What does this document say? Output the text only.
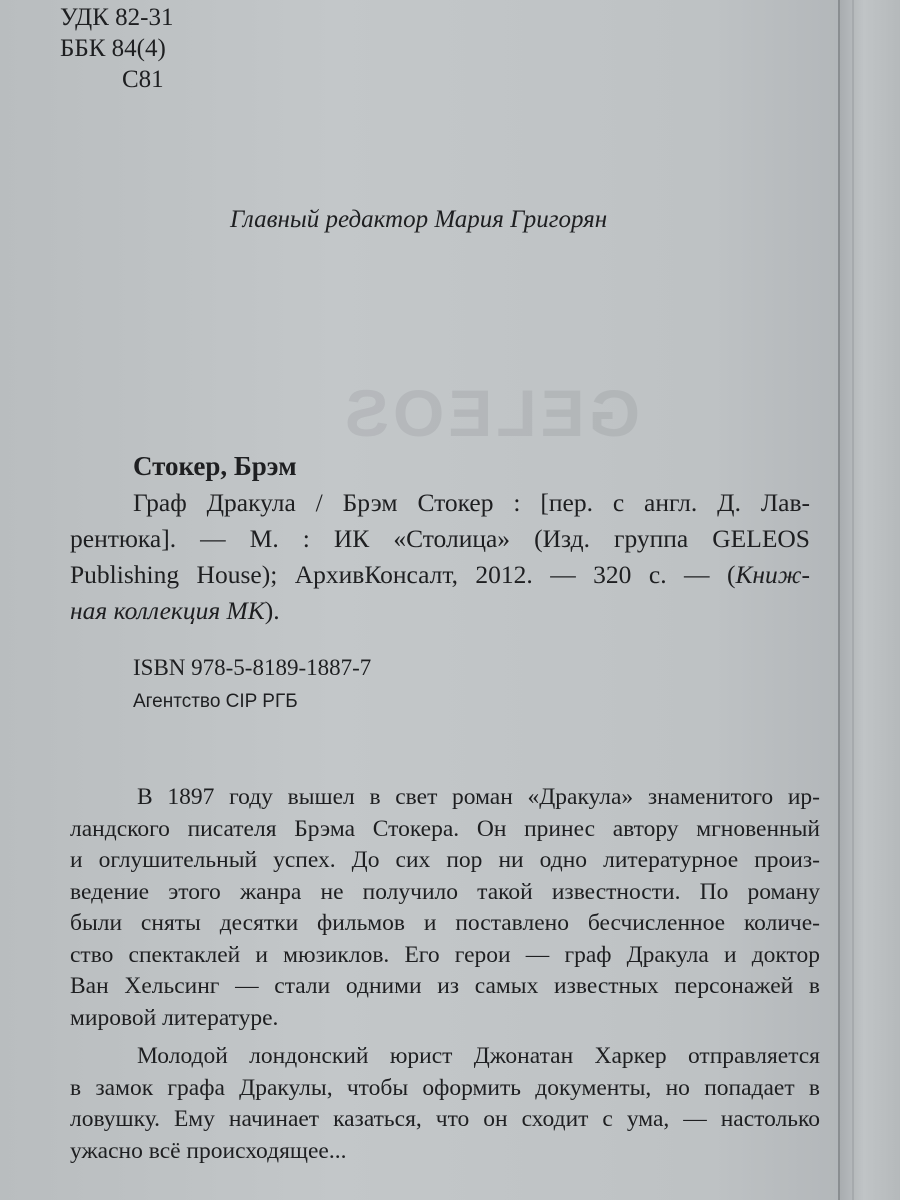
УДК 82-31
ББК 84(4)
С81
Главный редактор Мария Григорян
GELEOS
Стокер, Брэм
Граф Дракула / Брэм Стокер : [пер. с англ. Д. Лав-
рентюка]. — М. : ИК «Столица» (Изд. группа GELEOS
Publishing House); АрхивКонсалт, 2012. — 320 с. — (Книж-
ная коллекция МК).
ISBN 978-5-8189-1887-7
Агентство СIP РГБ
В 1897 году вышел в свет роман «Дракула» знаменитого ир-
ландского писателя Брэма Стокера. Он принес автору мгновенный
и оглушительный успех. До сих пор ни одно литературное произ-
ведение этого жанра не получило такой известности. По роману
были сняты десятки фильмов и поставлено бесчисленное количе-
ство спектаклей и мюзиклов. Его герои — граф Дракула и доктор
Ван Хельсинг — стали одними из самых известных персонажей в
мировой литературе.
Молодой лондонский юрист Джонатан Харкер отправляется
в замок графа Дракулы, чтобы оформить документы, но попадает в
ловушку. Ему начинает казаться, что он сходит с ума, — настолько
ужасно всё происходящее...
